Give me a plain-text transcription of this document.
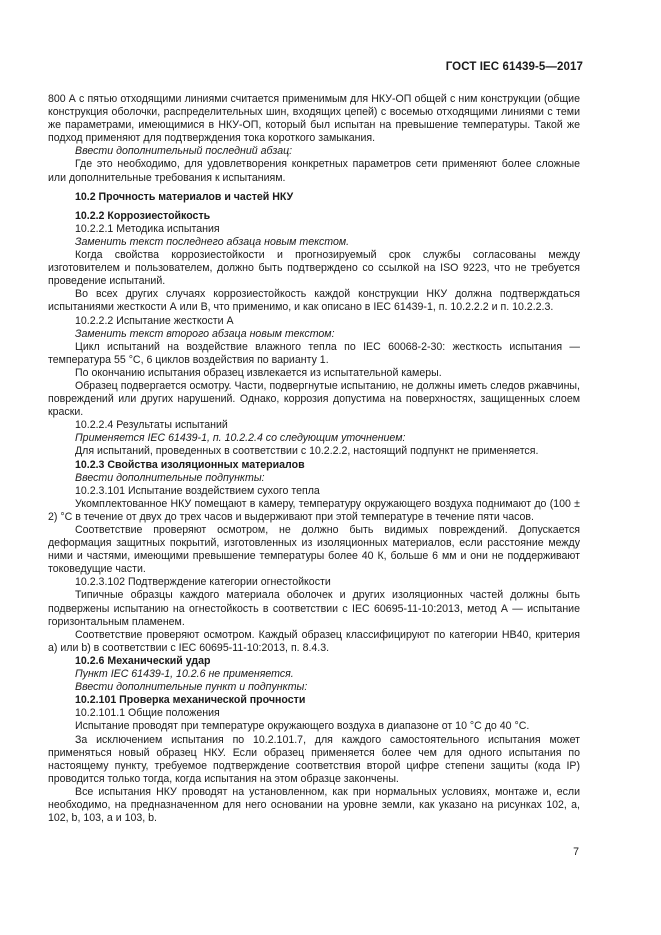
ГОСТ IEC 61439-5—2017

800 А с пятью отходящими линиями считается применимым для НКУ-ОП общей с ним конструкции (общие конструкция оболочки, распределительных шин, входящих цепей) с восемью отходящими линиями с теми же параметрами, имеющимися в НКУ-ОП, который был испытан на превышение температуры. Такой же подход применяют для подтверждения тока короткого замыкания.

Ввести дополнительный последний абзац:

Где это необходимо, для удовлетворения конкретных параметров сети применяют более сложные или дополнительные требования к испытаниям.

10.2 Прочность материалов и частей НКУ

10.2.2 Коррозиестойкость

10.2.2.1 Методика испытания

Заменить текст последнего абзаца новым текстом.

Когда свойства коррозиестойкости и прогнозируемый срок службы согласованы между изготовителем и пользователем, должно быть подтверждено со ссылкой на ISO 9223, что не требуется проведение испытаний.

Во всех других случаях коррозиестойкость каждой конструкции НКУ должна подтверждаться испытаниями жесткости А или В, что применимо, и как описано в IEC 61439-1, п. 10.2.2.2 и п. 10.2.2.3.

10.2.2.2 Испытание жесткости А

Заменить текст второго абзаца новым текстом:

Цикл испытаний на воздействие влажного тепла по IEC 60068-2-30: жесткость испытания — температура 55 °С, 6 циклов воздействия по варианту 1.

По окончанию испытания образец извлекается из испытательной камеры.

Образец подвергается осмотру. Части, подвергнутые испытанию, не должны иметь следов ржавчины, повреждений или других нарушений. Однако, коррозия допустима на поверхностях, защищенных слоем краски.

10.2.2.4 Результаты испытаний

Применяется IEC 61439-1, п. 10.2.2.4 со следующим уточнением:

Для испытаний, проведенных в соответствии с 10.2.2.2, настоящий подпункт не применяется.

10.2.3 Свойства изоляционных материалов

Ввести дополнительные подпункты:

10.2.3.101 Испытание воздействием сухого тепла

Укомплектованное НКУ помещают в камеру, температуру окружающего воздуха поднимают до (100 ± 2) °С в течение от двух до трех часов и выдерживают при этой температуре в течение пяти часов.

Соответствие проверяют осмотром, не должно быть видимых повреждений. Допускается деформация защитных покрытий, изготовленных из изоляционных материалов, если расстояние между ними и частями, имеющими превышение температуры более 40 К, больше 6 мм и они не поддерживают токоведущие части.

10.2.3.102 Подтверждение категории огнестойкости

Типичные образцы каждого материала оболочек и других изоляционных частей должны быть подвержены испытанию на огнестойкость в соответствии с IEC 60695-11-10:2013, метод А — испытание горизонтальным пламенем.

Соответствие проверяют осмотром. Каждый образец классифицируют по категории НВ40, критерия а) или b) в соответствии с IEC 60695-11-10:2013, п. 8.4.3.

10.2.6 Механический удар

Пункт IEC 61439-1, 10.2.6 не применяется.

Ввести дополнительные пункт и подпункты:

10.2.101 Проверка механической прочности

10.2.101.1 Общие положения

Испытание проводят при температуре окружающего воздуха в диапазоне от 10 °С до 40 °С.

За исключением испытания по 10.2.101.7, для каждого самостоятельного испытания может применяться новый образец НКУ. Если образец применяется более чем для одного испытания по настоящему пункту, требуемое подтверждение соответствия второй цифре степени защиты (кода IP) проводится только тогда, когда испытания на этом образце закончены.

Все испытания НКУ проводят на установленном, как при нормальных условиях, монтаже и, если необходимо, на предназначенном для него основании на уровне земли, как указано на рисунках 102, а, 102, b, 103, а и 103, b.

7
